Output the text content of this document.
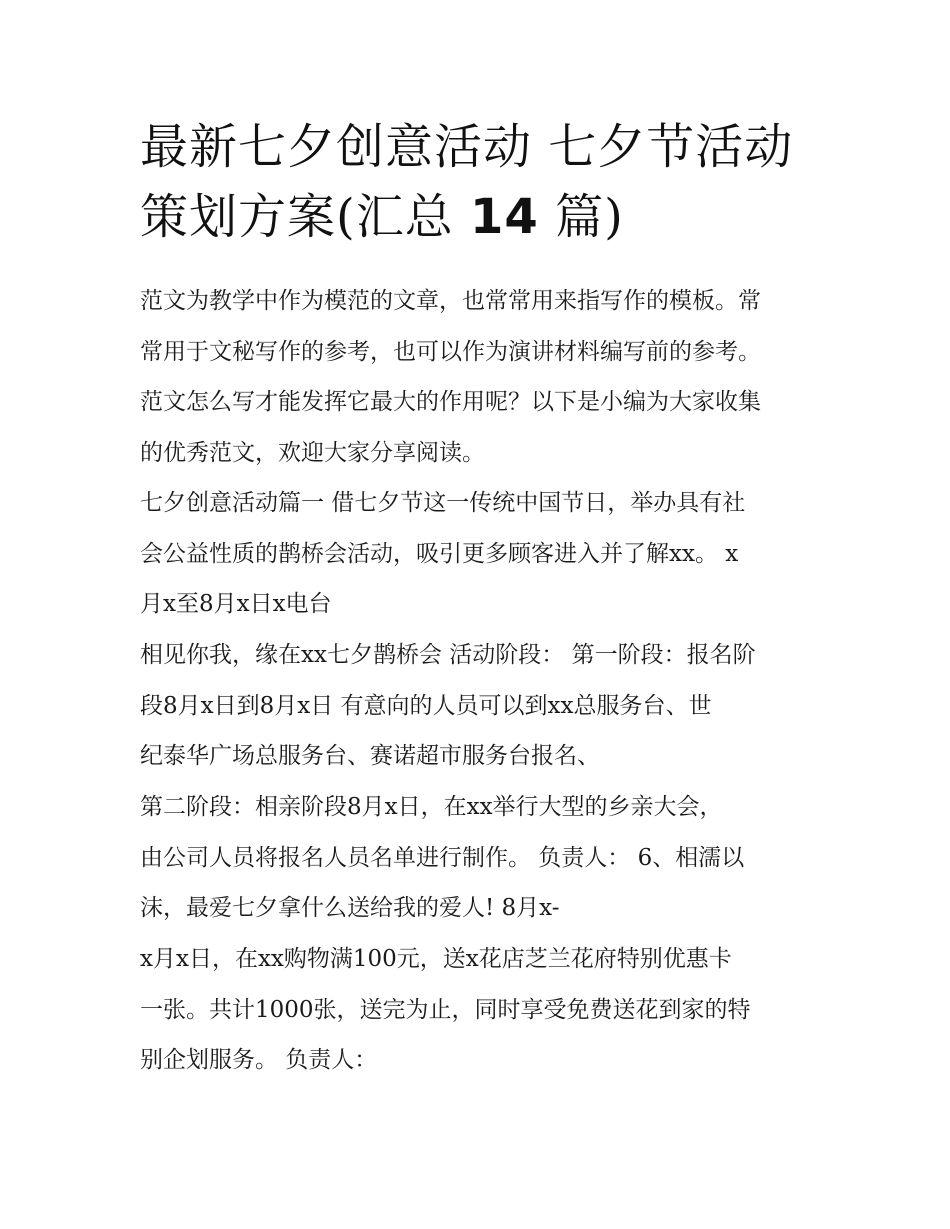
最新七夕创意活动 七夕节活动
策划方案(汇总 14 篇)
范文为教学中作为模范的文章，也常常用来指写作的模板。常
常用于文秘写作的参考，也可以作为演讲材料编写前的参考。
范文怎么写才能发挥它最大的作用呢？以下是小编为大家收集
的优秀范文，欢迎大家分享阅读。
七夕创意活动篇一 借七夕节这一传统中国节日，举办具有社
会公益性质的鹊桥会活动，吸引更多顾客进入并了解xx。 x
月x至8月x日x电台
相见你我，缘在xx七夕鹊桥会 活动阶段： 第一阶段：报名阶
段8月x日到8月x日 有意向的人员可以到xx总服务台、世
纪泰华广场总服务台、赛诺超市服务台报名、
第二阶段：相亲阶段8月x日，在xx举行大型的乡亲大会，
由公司人员将报名人员名单进行制作。 负责人： 6、相濡以
沫，最爱七夕拿什么送给我的爱人! 8月x-
x月x日，在xx购物满100元，送x花店芝兰花府特别优惠卡
一张。共计1000张，送完为止，同时享受免费送花到家的特
别企划服务。 负责人：
